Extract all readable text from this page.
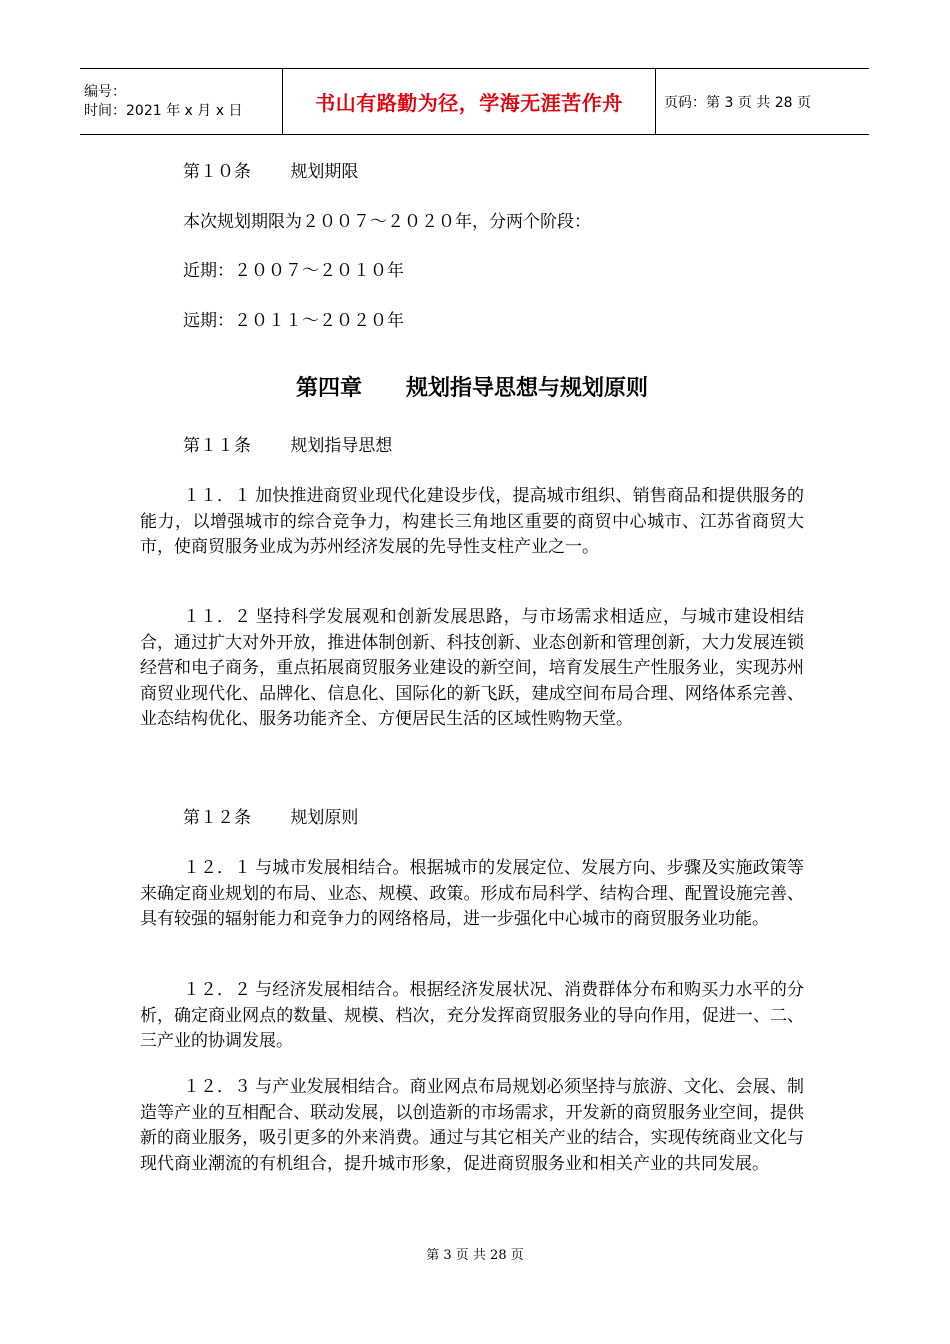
编号：
时间：2021 年 x 月 x 日	书山有路勤为径，学海无涯苦作舟	页码：第 3 页 共 28 页
第１０条　　 规划期限
本次规划期限为２００７～２０２０年，分两个阶段：
近期：２００７～２０１０年
远期：２０１１～２０２０年
第四章　　规划指导思想与规划原则
第１１条　　 规划指导思想

１１．１ 加快推进商贸业现代化建设步伐，提高城市组织、销售商品和提供服务的能力，以增强城市的综合竞争力，构建长三角地区重要的商贸中心城市、江苏省商贸大市，使商贸服务业成为苏州经济发展的先导性支柱产业之一。

１１．２ 坚持科学发展观和创新发展思路，与市场需求相适应，与城市建设相结合，通过扩大对外开放，推进体制创新、科技创新、业态创新和管理创新，大力发展连锁经营和电子商务，重点拓展商贸服务业建设的新空间，培育发展生产性服务业，实现苏州商贸业现代化、品牌化、信息化、国际化的新飞跃，建成空间布局合理、网络体系完善、业态结构优化、服务功能齐全、方便居民生活的区域性购物天堂。

第１２条　　 规划原则

１２．１ 与城市发展相结合。根据城市的发展定位、发展方向、步骤及实施政策等来确定商业规划的布局、业态、规模、政策。形成布局科学、结构合理、配置设施完善、具有较强的辐射能力和竞争力的网络格局，进一步强化中心城市的商贸服务业功能。

１２．２ 与经济发展相结合。根据经济发展状况、消费群体分布和购买力水平的分析，确定商业网点的数量、规模、档次，充分发挥商贸服务业的导向作用，促进一、二、三产业的协调发展。

１２．３ 与产业发展相结合。商业网点布局规划必须坚持与旅游、文化、会展、制造等产业的互相配合、联动发展，以创造新的市场需求，开发新的商贸服务业空间，提供新的商业服务，吸引更多的外来消费。通过与其它相关产业的结合，实现传统商业文化与现代商业潮流的有机组合，提升城市形象，促进商贸服务业和相关产业的共同发展。

第 3 页 共 28 页
